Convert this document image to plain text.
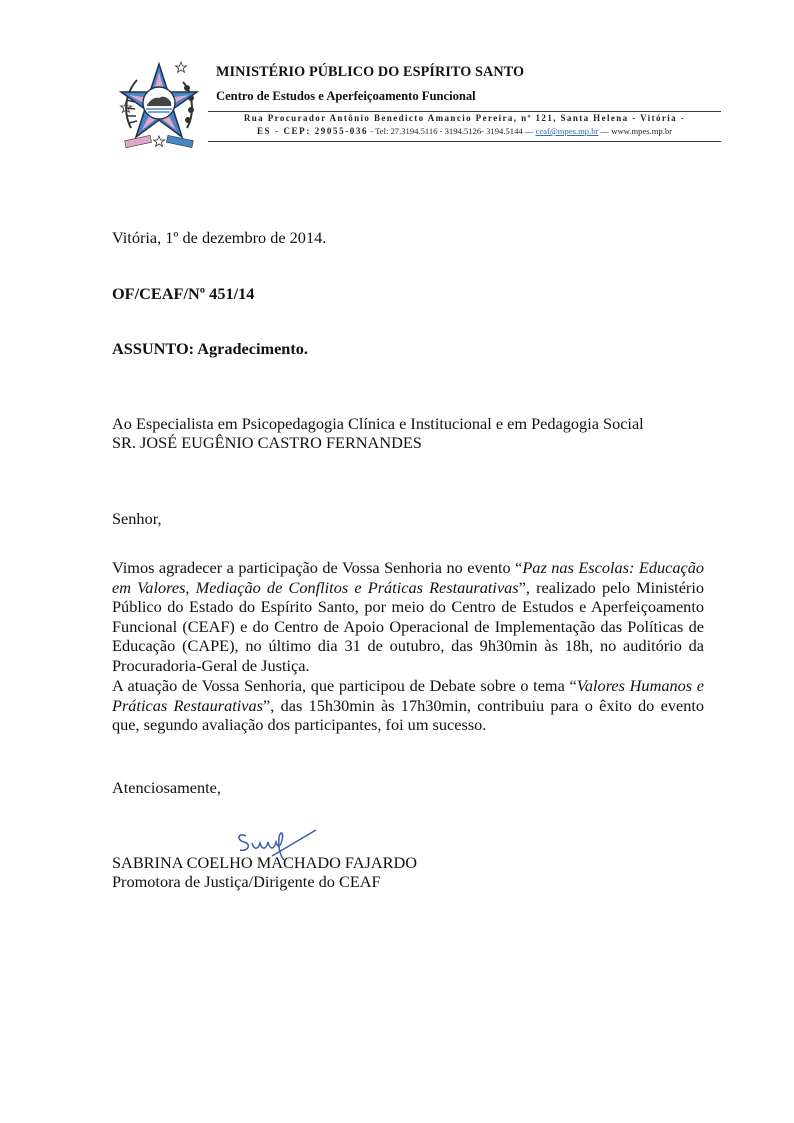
MINISTÉRIO PÚBLICO DO ESPÍRITO SANTO
Centro de Estudos e Aperfeiçoamento Funcional
Rua Procurador Antônio Benedicto Amancio Pereira, nº 121, Santa Helena - Vitória -
ES - CEP: 29055-036 - Tel: 27.3194.5116 - 3194.5126- 3194.5144 — ceaf@mpes.mp.br — www.mpes.mp.br
Vitória, 1º de dezembro de 2014.
OF/CEAF/Nº 451/14
ASSUNTO: Agradecimento.
Ao Especialista em Psicopedagogia Clínica e Institucional e em Pedagogia Social
SR. JOSÉ EUGÊNIO CASTRO FERNANDES
Senhor,
Vimos agradecer a participação de Vossa Senhoria no evento “Paz nas Escolas: Educação em Valores, Mediação de Conflitos e Práticas Restaurativas”, realizado pelo Ministério Público do Estado do Espírito Santo, por meio do Centro de Estudos e Aperfeiçoamento Funcional (CEAF) e do Centro de Apoio Operacional de Implementação das Políticas de Educação (CAPE), no último dia 31 de outubro, das 9h30min às 18h, no auditório da Procuradoria-Geral de Justiça.
A atuação de Vossa Senhoria, que participou de Debate sobre o tema “Valores Humanos e Práticas Restaurativas”, das 15h30min às 17h30min, contribuiu para o êxito do evento que, segundo avaliação dos participantes, foi um sucesso.
Atenciosamente,
SABRINA COELHO MACHADO FAJARDO
Promotora de Justiça/Dirigente do CEAF
